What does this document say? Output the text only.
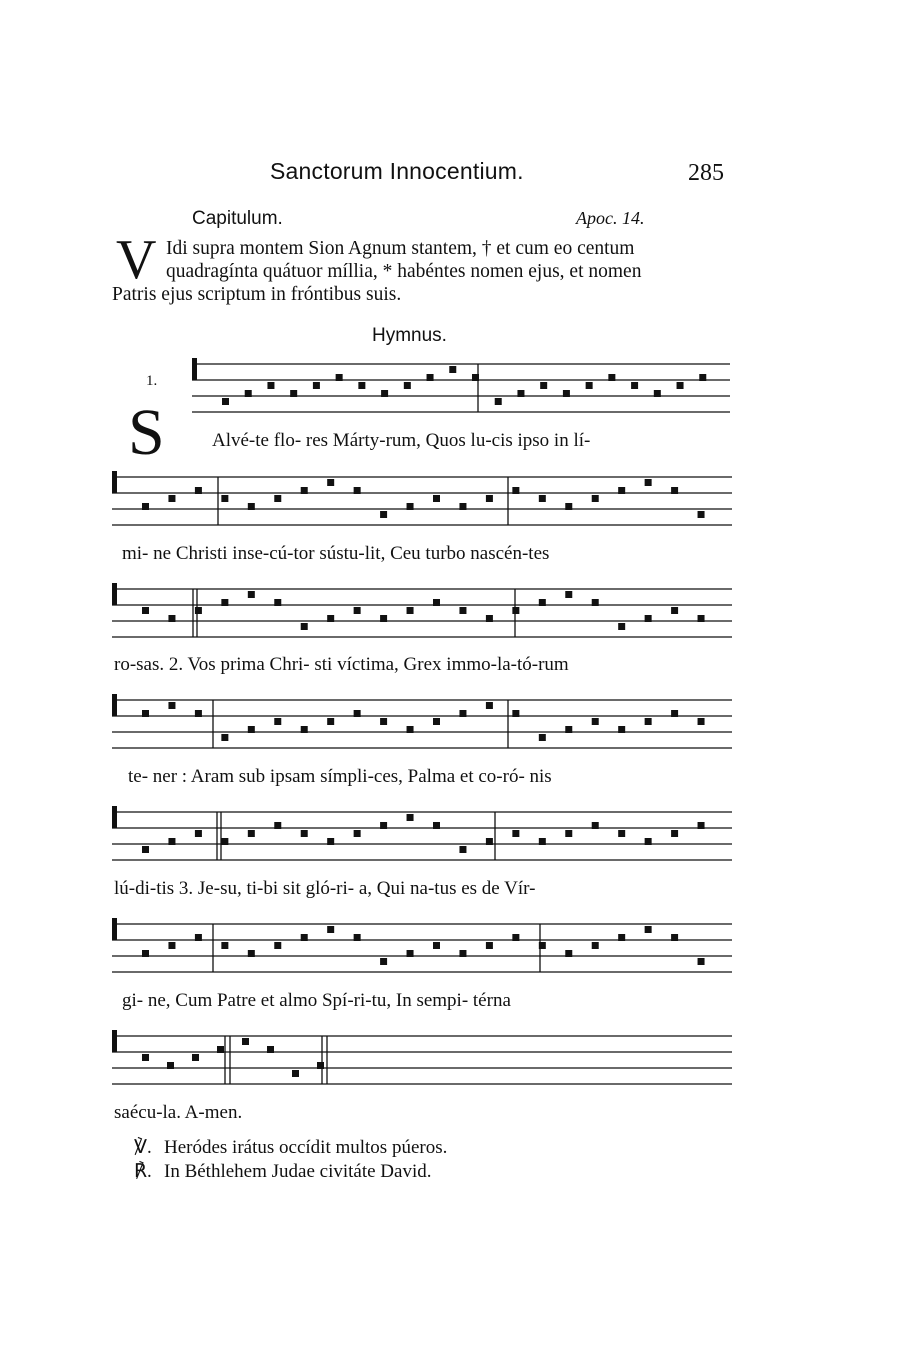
Sanctorum Innocentium.	285
Capitulum.	Apoc. 14.
V Idi supra montem Sion Agnum stantem, † et cum eo centum
quadragínta quátuor míllia, * habéntes nomen ejus, et nomen
Patris ejus scriptum in fróntibus suis.
Hymnus.
1.
S Alvé-te flo- res Márty-rum, Quos lu-cis ipso in lí-
mi- ne Christi inse-cú-tor sústu-lit, Ceu turbo nascén-tes
ro-sas. 2. Vos prima Chri- sti víctima, Grex immo-la-tó-rum
te- ner : Aram sub ipsam símpli-ces, Palma et co-ró- nis
lú-di-tis 3. Je-su, ti-bi sit gló-ri- a, Qui na-tus es de Vír-
gi- ne, Cum Patre et almo Spí-ri-tu, In sempi- térna
saécu-la. A-men.
℣. Heródes irátus occídit multos púeros.
℟. In Béthlehem Judae civitáte David.
